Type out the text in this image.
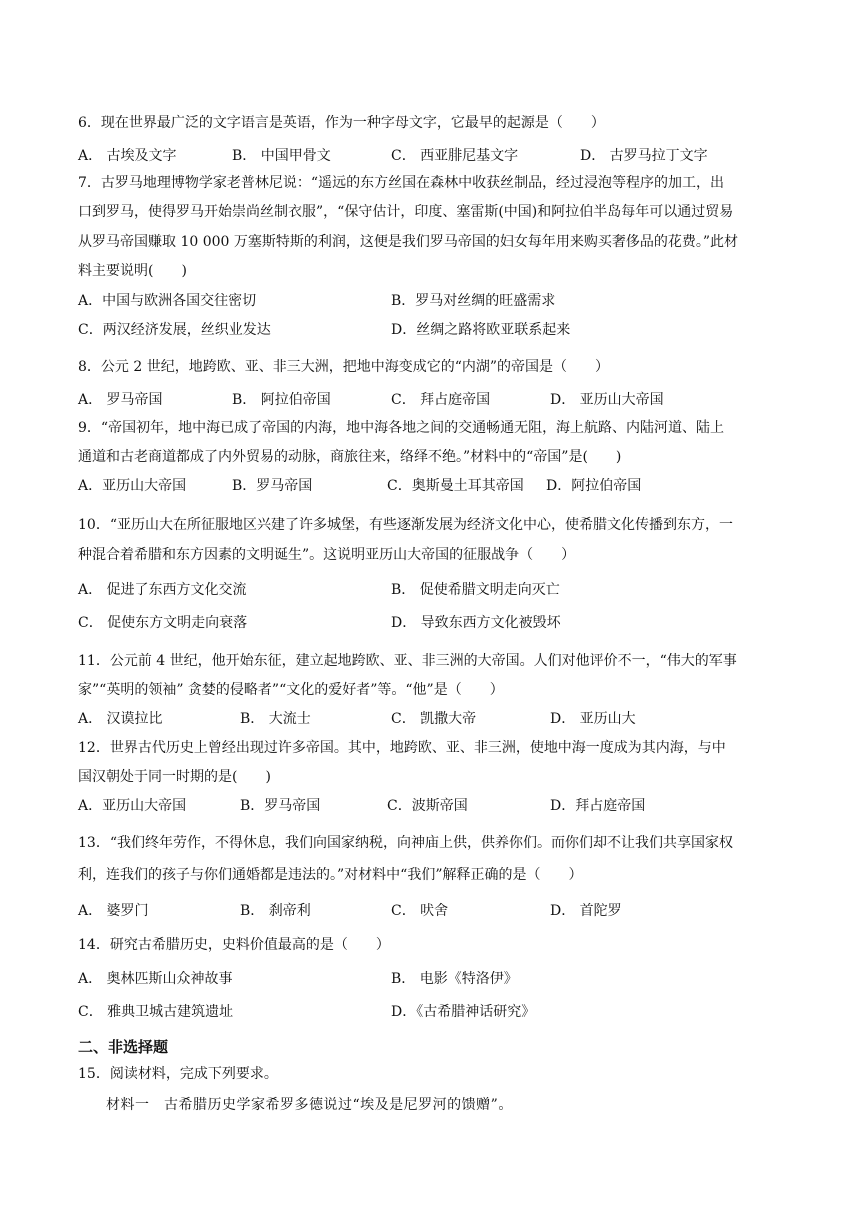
6．现在世界最广泛的文字语言是英语，作为一种字母文字，它最早的起源是（　　）
A． 古埃及文字	B． 中国甲骨文	C． 西亚腓尼基文字	D． 古罗马拉丁文字
7．古罗马地理博物学家老普林尼说：“遥远的东方丝国在森林中收获丝制品，经过浸泡等程序的加工，出
口到罗马，使得罗马开始崇尚丝制衣服”，“保守估计，印度、塞雷斯(中国)和阿拉伯半岛每年可以通过贸易
从罗马帝国赚取 10 000 万塞斯特斯的利润，这便是我们罗马帝国的妇女每年用来购买奢侈品的花费。”此材
料主要说明(　　)
A．中国与欧洲各国交往密切	B．罗马对丝绸的旺盛需求
C．两汉经济发展，丝织业发达	D．丝绸之路将欧亚联系起来
8．公元 2 世纪，地跨欧、亚、非三大洲，把地中海变成它的“内湖”的帝国是（　　）
A． 罗马帝国	B． 阿拉伯帝国	C． 拜占庭帝国	D． 亚历山大帝国
9．“帝国初年，地中海已成了帝国的内海，地中海各地之间的交通畅通无阻，海上航路、内陆河道、陆上
通道和古老商道都成了内外贸易的动脉，商旅往来，络绎不绝。”材料中的“帝国”是(　　)
A．亚历山大帝国	B．罗马帝国	C．奥斯曼土耳其帝国 D．阿拉伯帝国
10．“亚历山大在所征服地区兴建了许多城堡，有些逐渐发展为经济文化中心，使希腊文化传播到东方，一
种混合着希腊和东方因素的文明诞生”。这说明亚历山大帝国的征服战争（　　）
A． 促进了东西方文化交流	B． 促使希腊文明走向灭亡
C． 促使东方文明走向衰落	D． 导致东西方文化被毁坏
11．公元前 4 世纪，他开始东征，建立起地跨欧、亚、非三洲的大帝国。人们对他评价不一，“伟大的军事
家”“英明的领袖” 贪婪的侵略者”“文化的爱好者”等。“他”是（　　）
A． 汉谟拉比	B． 大流士	C． 凯撒大帝	D． 亚历山大
12．世界古代历史上曾经出现过许多帝国。其中，地跨欧、亚、非三洲，使地中海一度成为其内海，与中
国汉朝处于同一时期的是(　　)
A．亚历山大帝国	B．罗马帝国	C．波斯帝国	D．拜占庭帝国
13．“我们终年劳作，不得休息，我们向国家纳税，向神庙上供，供养你们。而你们却不让我们共享国家权
利，连我们的孩子与你们通婚都是违法的。”对材料中“我们”解释正确的是（　　）
A． 婆罗门	B． 刹帝利	C． 吠舍	D． 首陀罗
14．研究古希腊历史，史料价值最高的是（　　）
A． 奥林匹斯山众神故事	B． 电影《特洛伊》
C． 雅典卫城古建筑遗址	D．《古希腊神话研究》
二、非选择题
15．阅读材料，完成下列要求。
材料一　古希腊历史学家希罗多德说过“埃及是尼罗河的馈赠”。
